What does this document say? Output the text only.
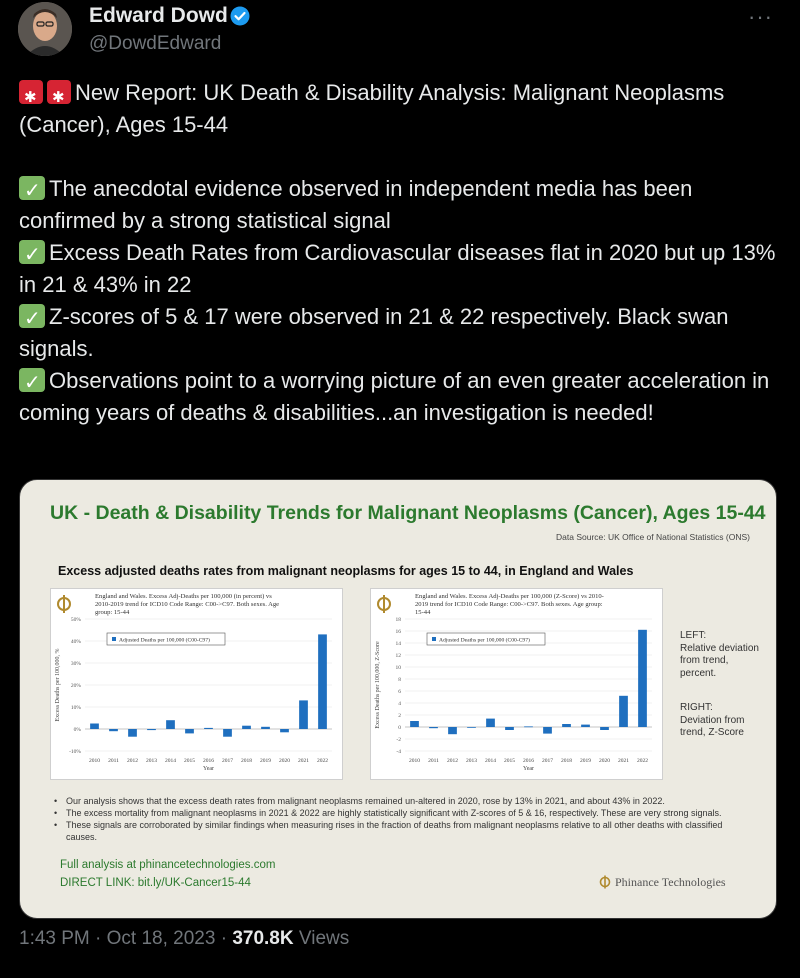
Edward Dowd
@DowdEdward
···

✱✱New Report: UK Death & Disability Analysis: Malignant Neoplasms (Cancer), Ages 15-44

✓The anecdotal evidence observed in independent media has been confirmed by a strong statistical signal

✓Excess Death Rates from Cardiovascular diseases flat in 2020 but up 13% in 21 & 43% in 22

✓Z-scores of 5 & 17 were observed in 21 & 22 respectively. Black swan signals.

✓Observations point to a worrying picture of an even greater acceleration in coming years of deaths & disabilities...an investigation is needed!

UK - Death & Disability Trends for Malignant Neoplasms (Cancer), Ages 15-44
Data Source: UK Office of National Statistics (ONS)
Excess adjusted deaths rates from malignant neoplasms for ages 15 to 44, in England and Wales
England and Wales. Excess Adj-Deaths per 100,000 (in percent) vs
2010-2019 trend for ICD10 Code Range: C00->C97. Both sexes. Age
group: 15-44
-10%
0%
10%
20%
30%
40%
50%
Adjusted Deaths per 100,000 (C00-C97)
2010 2011 2012 2013 2014 2015 2016 2017 2018 2019 2020 2021 2022
Year
Excess Deaths per 100,000, %
England and Wales. Excess Adj-Deaths per 100,000 (Z-Score) vs 2010-
2019 trend for ICD10 Code Range: C00->C97. Both sexes. Age group:
15-44
-4
-2
0
2
4
6
8
10
12
14
16
18
Adjusted Deaths per 100,000 (C00-C97)
2010 2011 2012 2013 2014 2015 2016 2017 2018 2019 2020 2021 2022
Year
Excess Deaths per 100,000, Z-Score
LEFT:
Relative deviation
from trend,
percent.
RIGHT:
Deviation from
trend, Z-Score
• Our analysis shows that the excess death rates from malignant neoplasms remained un-altered in 2020, rose by 13% in 2021, and about 43% in 2022.
• The excess mortality from malignant neoplasms in 2021 & 2022 are highly statistically significant with Z-scores of 5 & 16, respectively. These are very strong signals.
• These signals are corroborated by similar findings when measuring rises in the fraction of deaths from malignant neoplasms relative to all other deaths with classified causes.
Full analysis at phinancetechnologies.com
DIRECT LINK: bit.ly/UK-Cancer15-44	Phinance Technologies
1:43 PM · Oct 18, 2023 · 370.8K Views
